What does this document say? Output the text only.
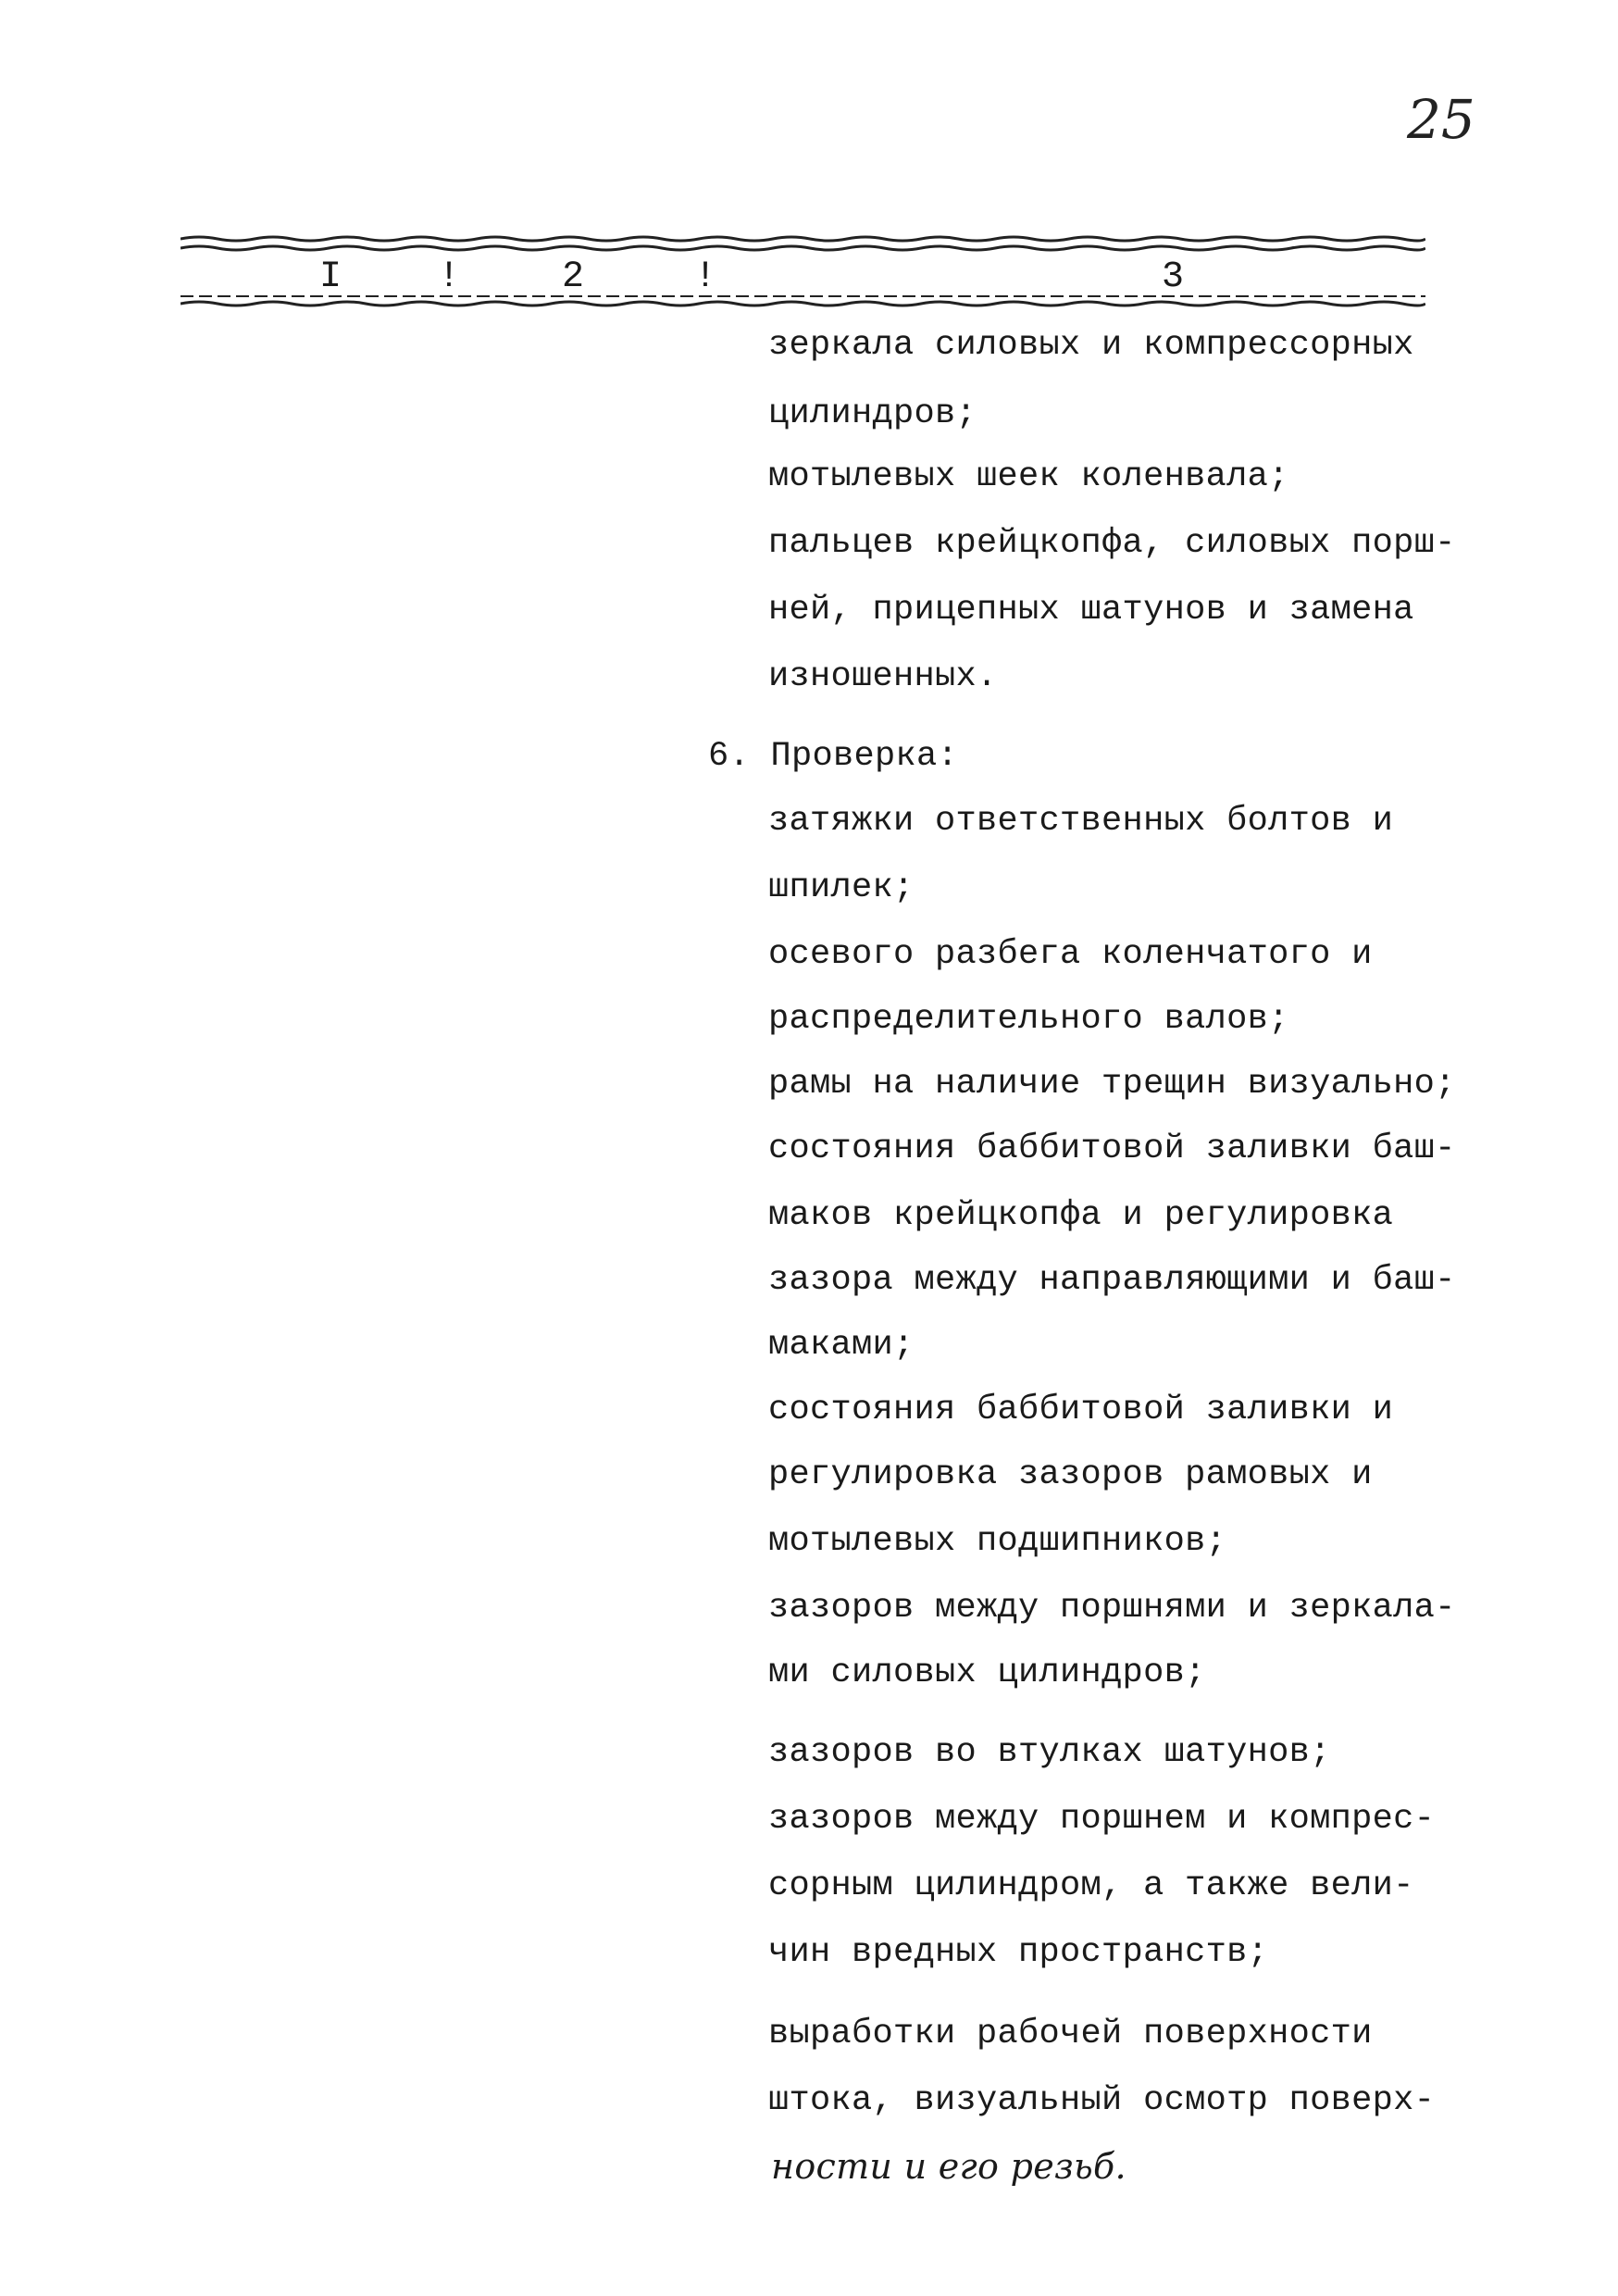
25
I	!	2	!	3
зеркала силовых и компрессорных
цилиндров;
мотылевых шеек коленвала;
пальцев крейцкопфа, силовых порш-
ней, прицепных шатунов и замена
изношенных.
6. Проверка:
затяжки ответственных болтов и
шпилек;
осевого разбега коленчатого и
распределительного валов;
рамы на наличие трещин визуально;
состояния баббитовой заливки баш-
маков крейцкопфа и регулировка
зазора между направляющими и баш-
маками;
состояния баббитовой заливки и
регулировка зазоров рамовых и
мотылевых подшипников;
зазоров между поршнями и зеркала-
ми силовых цилиндров;
зазоров во втулках шатунов;
зазоров между поршнем и компрес-
сорным цилиндром, а также вели-
чин вредных пространств;
выработки рабочей поверхности
штока, визуальный осмотр поверх-
ности и его резьб.
